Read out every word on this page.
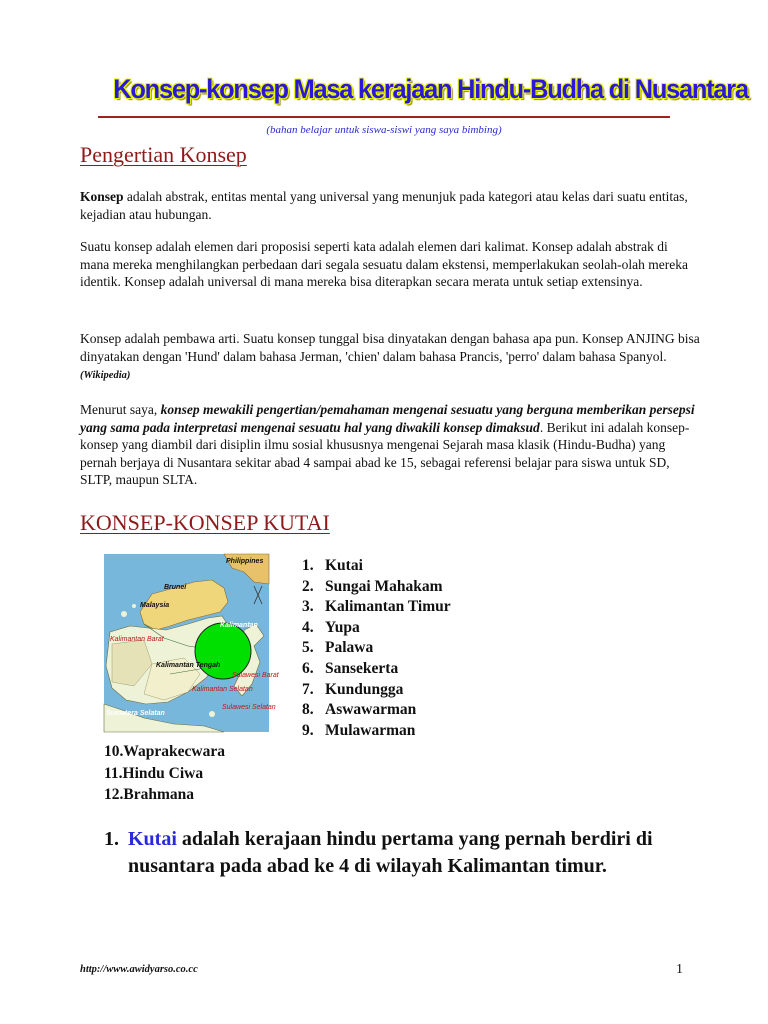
Konsep-konsep Masa kerajaan Hindu-Budha di Nusantara
(bahan belajar untuk siswa-siswi yang saya bimbing)
Pengertian Konsep
Konsep adalah abstrak, entitas mental yang universal yang menunjuk pada kategori atau kelas dari suatu entitas, kejadian atau hubungan.
Suatu konsep adalah elemen dari proposisi seperti kata adalah elemen dari kalimat. Konsep adalah abstrak di mana mereka menghilangkan perbedaan dari segala sesuatu dalam ekstensi, memperlakukan seolah-olah mereka identik. Konsep adalah universal di mana mereka bisa diterapkan secara merata untuk setiap extensinya.
Konsep adalah pembawa arti. Suatu konsep tunggal bisa dinyatakan dengan bahasa apa pun. Konsep ANJING bisa dinyatakan dengan 'Hund' dalam bahasa Jerman, 'chien' dalam bahasa Prancis, 'perro' dalam bahasa Spanyol. (Wikipedia)
Menurut saya, konsep mewakili pengertian/pemahaman mengenai sesuatu yang berguna memberikan persepsi yang sama pada interpretasi mengenai sesuatu hal yang diwakili konsep dimaksud. Berikut ini adalah konsep-konsep yang diambil dari disiplin ilmu sosial khususnya mengenai Sejarah masa klasik (Hindu-Budha) yang pernah berjaya di Nusantara sekitar abad 4 sampai abad ke 15, sebagai referensi belajar para siswa untuk SD, SLTP, maupun SLTA.
KONSEP-KONSEP KUTAI
Philippines
Brunei
Malaysia
Kalimantan
Kalimantan Barat
Kalimantan Tengah
Kalimantan Selatan
Sulawesi Barat
Sumatera Selatan
Sulawesi Selatan
1. Kutai
2. Sungai Mahakam
3. Kalimantan Timur
4. Yupa
5. Palawa
6. Sansekerta
7. Kundungga
8. Aswawarman
9. Mulawarman
10.Waprakecwara
11.Hindu Ciwa
12.Brahmana
1. Kutai adalah kerajaan hindu pertama yang pernah berdiri di nusantara pada abad ke 4 di wilayah Kalimantan timur.
http://www.awidyarso.co.cc	1
